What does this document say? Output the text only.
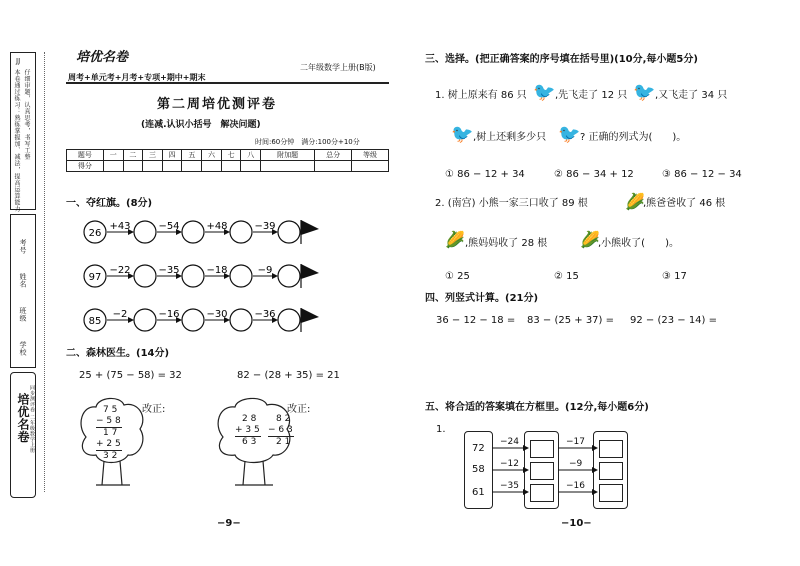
JJ
本卷通过练习：熟练掌握加、减法，提高运算能力 仔细审题，认真思考，书写工整
学校
班级
姓名
考号
培优名卷 同步测评卷 二年级数学上册
培优名卷
周考+单元考+月考+专项+期中+期末
二年级数学上册(B版)
第二周培优测评卷
(连减.认识小括号　解决问题)
时间:60分钟　满分:100分+10分
题号	一	二	三	四	五	六	七	八	附加题	总分	等级
得分											
一、夺红旗。(8分)
26
+43	−54	+48	−39
97
−22	−35	−18	−9
85
−2	−16	−30	−36
二、森林医生。(14分)
25 + (75 − 58) = 32	82 − (28 + 35) = 21
7 5
− 5 8
1 7
+ 2 5
3 2
改正:
2 8
+ 3 5
6 3
8 2
− 6 3
2 1
改正:
−9−
三、选择。(把正确答案的序号填在括号里)(10分,每小题5分)
1. 树上原来有 86 只 🐦 ,先飞走了 12 只 🐦 ,又飞走了 34 只
🐦 ,树上还剩多少只 🐦 ? 正确的列式为(　　)。
① 86 − 12 + 34	② 86 − 34 + 12	③ 86 − 12 − 34
2. (南宫) 小熊一家三口收了 89 根 🌽
,熊爸爸收了 46 根
🌽 ,熊妈妈收了 28 根 🌽
,小熊收了(　　)。
① 25	② 15	③ 17
四、列竖式计算。(21分)
36 − 12 − 18 = 83 − (25 + 37) = 92 − (23 − 14) =
五、将合适的答案填在方框里。(12分,每小题6分)
1.
72
58
61
−24
−12
−35
−17
−9
−16
−10−
